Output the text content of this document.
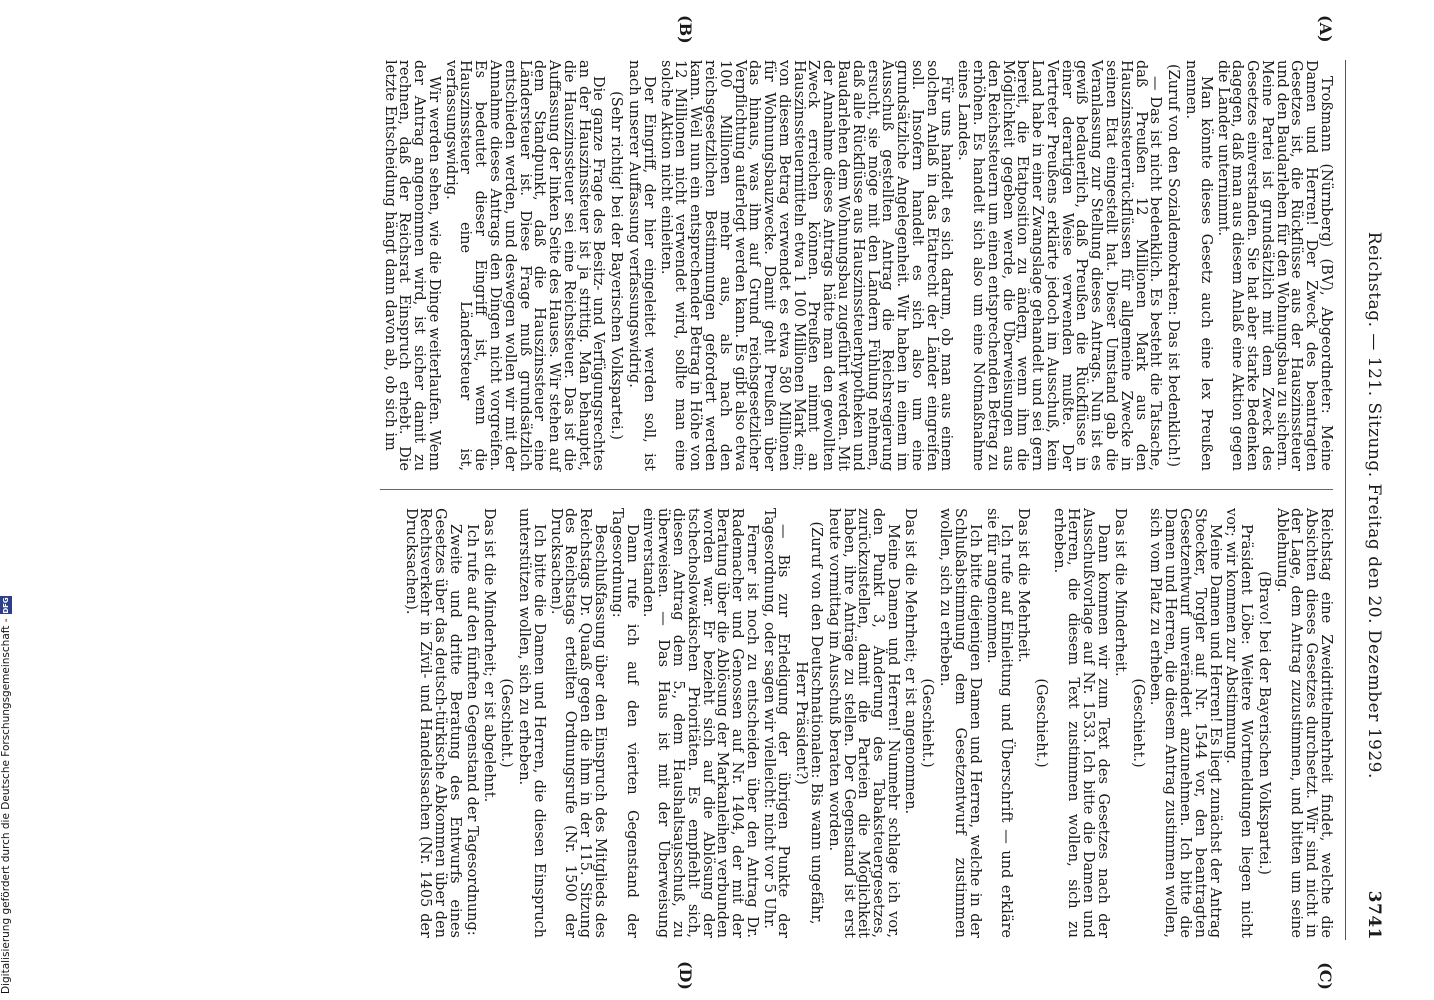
Reichstag. — 121. Sitzung. Freitag den 20. Dezember 1929.
3741
(A)
(B)
(C)
(D)

Troßmann (Nürnberg) (BV), Abgeordneter: Meine Damen und Herren! Der Zweck des beantragten Gesetzes ist, die Rückflüsse aus der Hauszinssteuer und den Baudarlehen für den Wohnungsbau zu sichern. Meine Partei ist grundsätzlich mit dem Zweck des Gesetzes einverstanden. Sie hat aber starke Bedenken dagegen, daß man aus diesem Anlaß eine Aktion gegen die Länder unternimmt.

Man könnte dieses Gesetz auch eine lex Preußen nennen.

(Zuruf von den Sozialdemokraten: Das ist bedenklich!)

— Das ist nicht bedenklich. Es besteht die Tatsache, daß Preußen 12 Millionen Mark aus den Hauszinssteuerrückflüssen für allgemeine Zwecke in seinen Etat eingestellt hat. Dieser Umstand gab die Veranlassung zur Stellung dieses Antrags. Nun ist es gewiß bedauerlich, daß Preußen die Rückflüsse in einer derartigen Weise verwenden mußte. Der Vertreter Preußens erklärte jedoch im Ausschuß, kein Land habe in einer Zwangslage gehandelt und sei gern bereit, die Etatposition zu ändern, wenn ihm die Möglichkeit gegeben werde, die Überweisungen aus den Reichssteuern um einen entsprechenden Betrag zu erhöhen. Es handelt sich also um eine Notmaßnahme eines Landes.

Für uns handelt es sich darum, ob man aus einem solchen Anlaß in das Etatrecht der Länder eingreifen soll. Insofern handelt es sich also um eine grundsätzliche Angelegenheit. Wir haben in einem im Ausschuß gestellten Antrag die Reichsregierung ersucht, sie möge mit den Ländern Fühlung nehmen, daß alle Rückflüsse aus Hauszinssteuerhypotheken und Baudarlehen dem Wohnungsbau zugeführt werden. Mit der Annahme dieses Antrags hätte man den gewollten Zweck erreichen können. Preußen nimmt an Hauszinssteuermitteln etwa 1 100 Millionen Mark ein; von diesem Betrag verwendet es etwa 580 Millionen für Wohnungsbauzwecke. Damit geht Preußen über das hinaus, was ihm auf Grund reichsgesetzlicher Verpflichtung auferlegt werden kann. Es gibt also etwa 100 Millionen mehr aus, als nach den reichsgesetzlichen Bestimmungen gefordert werden kann. Weil nun ein entsprechender Betrag in Höhe von 12 Millionen nicht verwendet wird, sollte man eine solche Aktion nicht einleiten.

Der Eingriff, der hier eingeleitet werden soll, ist nach unserer Auffassung verfassungswidrig.

(Sehr richtig! bei der Bayerischen Volkspartei.)

Die ganze Frage des Besitz- und Verfügungsrechtes an der Hauszinssteuer ist ja strittig. Man behauptet, die Hauszinssteuer sei eine Reichssteuer. Das ist die Auffassung der linken Seite des Hauses. Wir stehen auf dem Standpunkt, daß die Hauszinssteuer eine Ländersteuer ist. Diese Frage muß grundsätzlich entschieden werden, und deswegen wollen wir mit der Annahme dieses Antrags den Dingen nicht vorgreifen. Es bedeutet dieser Eingriff ist, wenn die Hauszinssteuer eine Ländersteuer ist, verfassungswidrig.

Wir werden sehen, wie die Dinge weiterlaufen. Wenn der Antrag angenommen wird, ist sicher damit zu rechnen, daß der Reichsrat Einspruch erhebt. Die letzte Entscheidung hängt dann davon ab, ob sich im

Reichstag eine Zweidrittelmehrheit findet, welche die Absichten dieses Gesetzes durchsetzt. Wir sind nicht in der Lage, dem Antrag zuzustimmen, und bitten um seine Ablehnung.

(Bravo! bei der Bayerischen Volkspartei.)

Präsident Löbe: Weitere Wortmeldungen liegen nicht vor; wir kommen zur Abstimmung.

Meine Damen und Herren! Es liegt zunächst der Antrag Stoecker, Torgler auf Nr. 1544 vor, den beantragten Gesetzentwurf unverändert anzunehmen. Ich bitte die Damen und Herren, die diesem Antrag zustimmen wollen, sich vom Platz zu erheben.

(Geschieht.)

Das ist die Minderheit.

Dann kommen wir zum Text des Gesetzes nach der Ausschußvorlage auf Nr. 1533. Ich bitte die Damen und Herren, die diesem Text zustimmen wollen, sich zu erheben.

(Geschieht.)

Das ist die Mehrheit.

Ich rufe auf Einleitung und Überschrift — und erkläre sie für angenommen.

Ich bitte diejenigen Damen und Herren, welche in der Schlußabstimmung dem Gesetzentwurf zustimmen wollen, sich zu erheben.

(Geschieht.)

Das ist die Mehrheit; er ist angenommen.

Meine Damen und Herren! Nunmehr schlage ich vor, den Punkt 3, Änderung des Tabaksteuergesetzes, zurückzustellen, damit die Parteien die Möglichkeit haben, ihre Anträge zu stellen. Der Gegenstand ist erst heute vormittag im Ausschuß beraten worden.

(Zuruf von den Deutschnationalen: Bis wann ungefähr, Herr Präsident?)

— Bis zur Erledigung der übrigen Punkte der Tagesordnung, oder sagen wir vielleicht: nicht vor 5 Uhr.

Ferner ist noch zu entscheiden über den Antrag Dr. Rademacher und Genossen auf Nr. 1404, der mit der Beratung über die Ablösung der Markanleihen verbunden worden war. Er bezieht sich auf die Ablösung der tschechoslowakischen Prioritäten. Es empfiehlt sich, diesen Antrag dem 5., dem Haushaltsausschuß, zu überweisen. — Das Haus ist mit der Überweisung einverstanden.

Dann rufe ich auf den vierten Gegenstand der Tagesordnung:

Beschlußfassung über den Einspruch des Mitglieds des Reichstags Dr. Quaaß gegen die ihm in der 115. Sitzung des Reichstags erteilten Ordnungsrufe (Nr. 1500 der Drucksachen).

Ich bitte die Damen und Herren, die diesen Einspruch unterstützen wollen, sich zu erheben.

(Geschieht.)

Das ist die Minderheit; er ist abgelehnt.

Ich rufe auf den fünften Gegenstand der Tagesordnung:

Zweite und dritte Beratung des Entwurfs eines Gesetzes über das deutsch-türkische Abkommen über den Rechtsverkehr in Zivil- und Handelssachen (Nr. 1405 der Drucksachen).

Digitalisierung gefördert durch die Deutsche Forschungsgemeinschaft -
DFG
